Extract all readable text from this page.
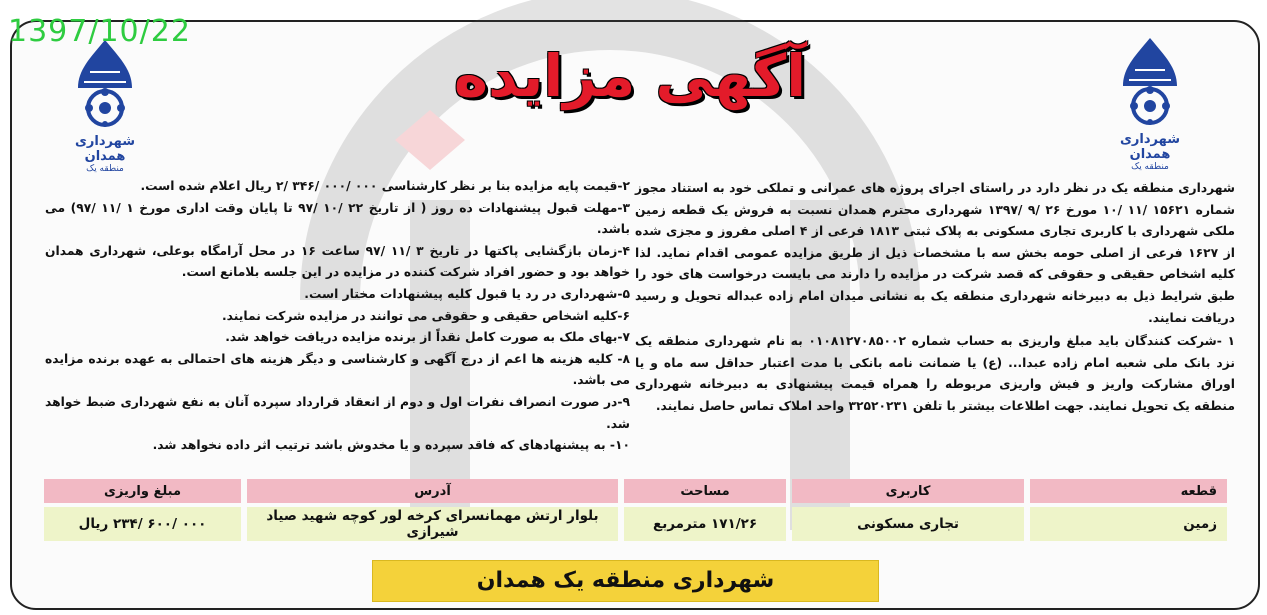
1397/10/22
شهرداری همدان
منطقه یک
شهرداری همدان
منطقه یک
آگهی مزایده

شهرداری منطقه یک در نظر دارد در راستای اجرای پروژه های عمرانی و تملکی خود به استناد مجوز شماره ۱۵۶۲۱ /۱۱ /۱۰ مورخ ۲۶ /۹ /۱۳۹۷ شهرداری محترم همدان نسبت به فروش یک قطعه زمین ملکی شهرداری با کاربری تجاری مسکونی به پلاک ثبتی ۱۸۱۳ فرعی از ۴ اصلی مفروز و مجزی شده از ۱۶۲۷ فرعی از اصلی حومه بخش سه با مشخصات ذیل از طریق مزایده عمومی اقدام نماید. لذا کلیه اشخاص حقیقی و حقوقی که قصد شرکت در مزایده را دارند می بایست درخواست های خود را طبق شرایط ذیل به دبیرخانه شهرداری منطقه یک به نشانی میدان امام زاده عبداله تحویل و رسید دریافت نمایند.

۱ -شرکت کنندگان باید مبلغ واریزی به حساب شماره ۰۱۰۸۱۲۷۰۸۵۰۰۲ به نام شهرداری منطقه یک نزد بانک ملی شعبه امام زاده عبدا... (ع) یا ضمانت نامه بانکی با مدت اعتبار حداقل سه ماه و یا اوراق مشارکت واریز و فیش واریزی مربوطه را همراه قیمت پیشنهادی به دبیرخانه شهرداری منطقه یک تحویل نمایند. جهت اطلاعات بیشتر با تلفن ۳۲۵۲۰۲۳۱ واحد املاک تماس حاصل نمایند.

۲-قیمت پایه مزایده بنا بر نظر کارشناسی ۰۰۰ /۰۰۰ /۳۴۶ /۲ ریال اعلام شده است.

۳-مهلت قبول پیشنهادات ده روز ( از تاریخ ۲۲ /۱۰ /۹۷ تا پایان وقت اداری مورخ ۱ /۱۱ /۹۷) می باشد.

۴-زمان بازگشایی پاکتها در تاریخ ۳ /۱۱ /۹۷ ساعت ۱۶ در محل آرامگاه بوعلی، شهرداری همدان خواهد بود و حضور افراد شرکت کننده در مزایده در این جلسه بلامانع است.

۵-شهرداری در رد یا قبول کلیه پیشنهادات مختار است.

۶-کلیه اشخاص حقیقی و حقوقی می توانند در مزایده شرکت نمایند.

۷-بهای ملک به صورت کامل نقداً از برنده مزایده دریافت خواهد شد.

۸- کلیه هزینه ها اعم از درج آگهی و کارشناسی و دیگر هزینه های احتمالی به عهده برنده مزایده می باشد.

۹-در صورت انصراف نفرات اول و دوم از انعقاد قرارداد سپرده آنان به نفع شهرداری ضبط خواهد شد.

۱۰- به پیشنهادهای که فاقد سپرده و یا مخدوش باشد ترتیب اثر داده نخواهد شد.

قطعه	کاربری	مساحت	آدرس	مبلغ واریزی
زمین	تجاری مسکونی	۱۷۱/۲۶ مترمربع	بلوار ارتش مهمانسرای کرخه لور کوچه شهید صیاد شیرازی	۰۰۰ /۶۰۰ /۲۳۴ ریال
شهرداری منطقه یک همدان
